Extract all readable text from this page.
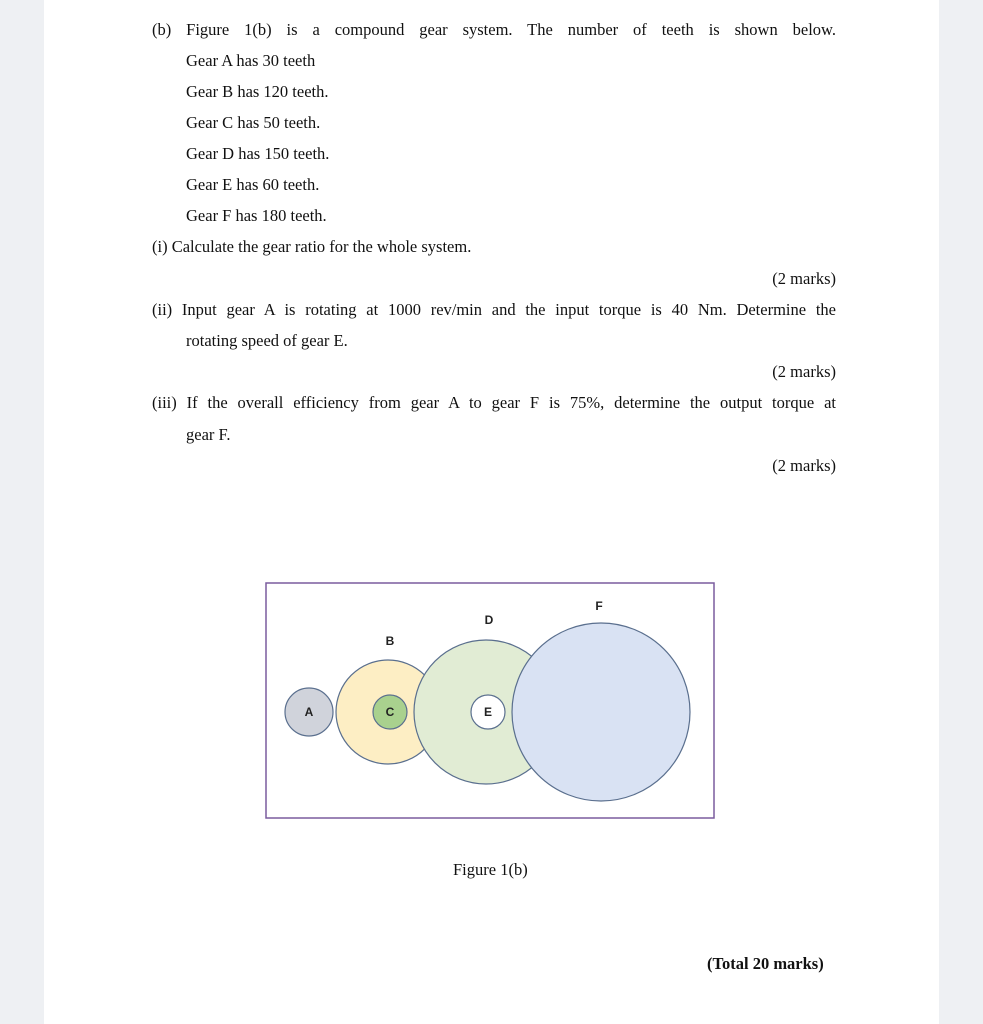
(b) Figure 1(b) is a compound gear system. The number of teeth is shown below.
Gear A has 30 teeth
Gear B has 120 teeth.
Gear C has 50 teeth.
Gear D has 150 teeth.
Gear E has 60 teeth.
Gear F has 180 teeth.
(i) Calculate the gear ratio for the whole system.
(2 marks)
(ii) Input gear A is rotating at 1000 rev/min and the input torque is 40 Nm. Determine the
rotating speed of gear E.
(2 marks)
(iii) If the overall efficiency from gear A to gear F is 75%, determine the output torque at
gear F.
(2 marks)
A
B
C
D
E
F
Figure 1(b)
(Total 20 marks)
